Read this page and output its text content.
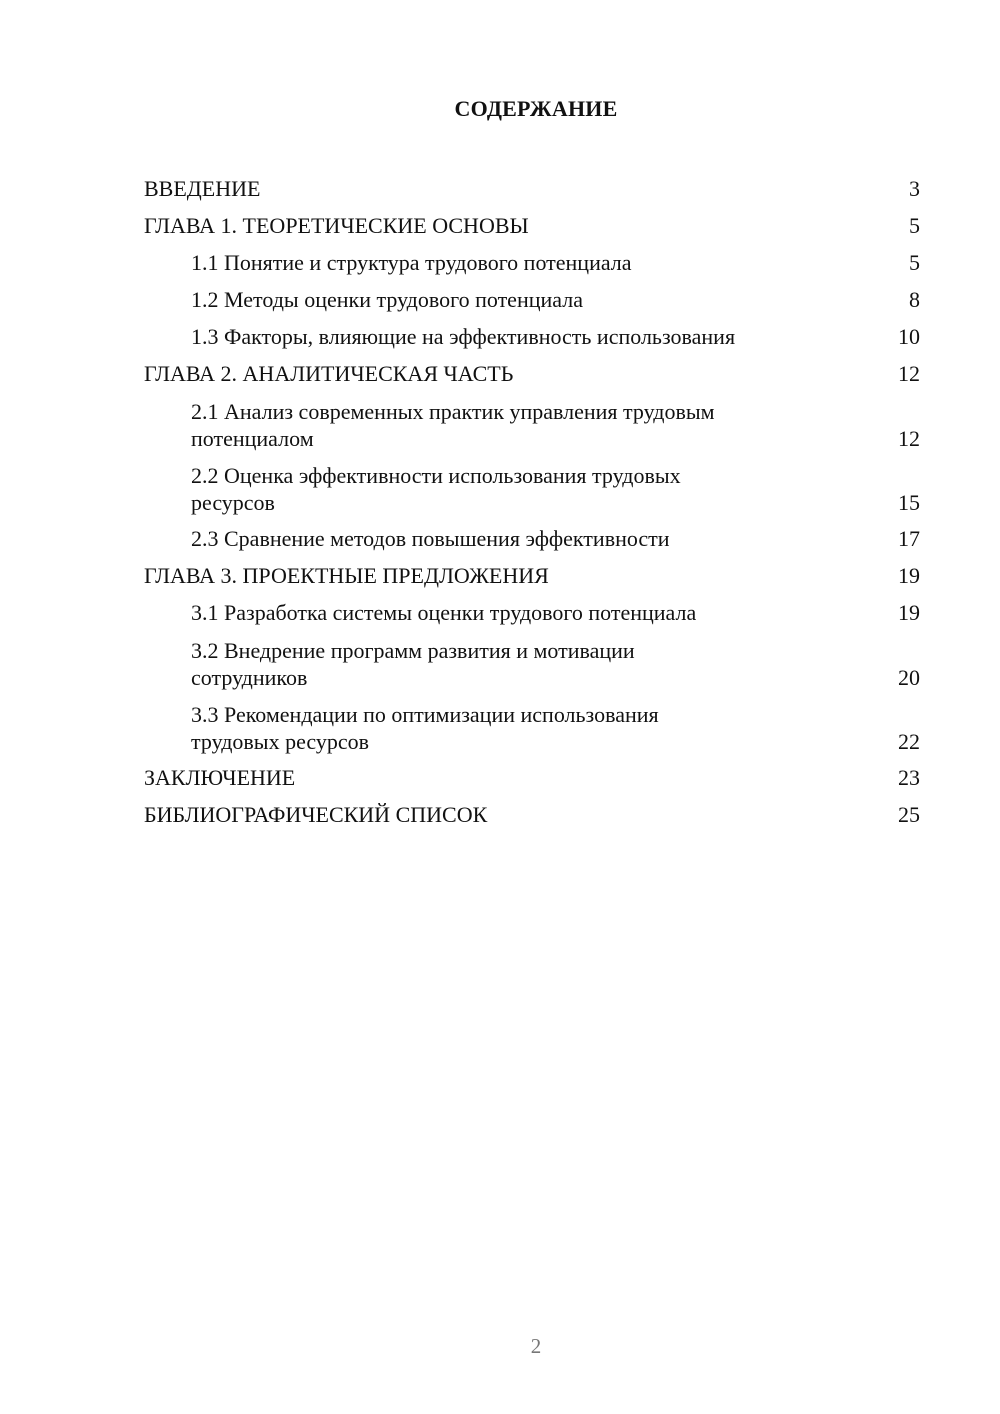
СОДЕРЖАНИЕ
ВВЕДЕНИЕ	3
ГЛАВА 1. ТЕОРЕТИЧЕСКИЕ ОСНОВЫ	5
1.1 Понятие и структура трудового потенциала	5
1.2 Методы оценки трудового потенциала	8
1.3 Факторы, влияющие на эффективность использования	10
ГЛАВА 2. АНАЛИТИЧЕСКАЯ ЧАСТЬ	12
2.1 Анализ современных практик управления трудовым потенциалом	12
2.2 Оценка эффективности использования трудовых ресурсов	15
2.3 Сравнение методов повышения эффективности	17
ГЛАВА 3. ПРОЕКТНЫЕ ПРЕДЛОЖЕНИЯ	19
3.1 Разработка системы оценки трудового потенциала	19
3.2 Внедрение программ развития и мотивации сотрудников	20
3.3 Рекомендации по оптимизации использования трудовых ресурсов	22
ЗАКЛЮЧЕНИЕ	23
БИБЛИОГРАФИЧЕСКИЙ СПИСОК	25
2
